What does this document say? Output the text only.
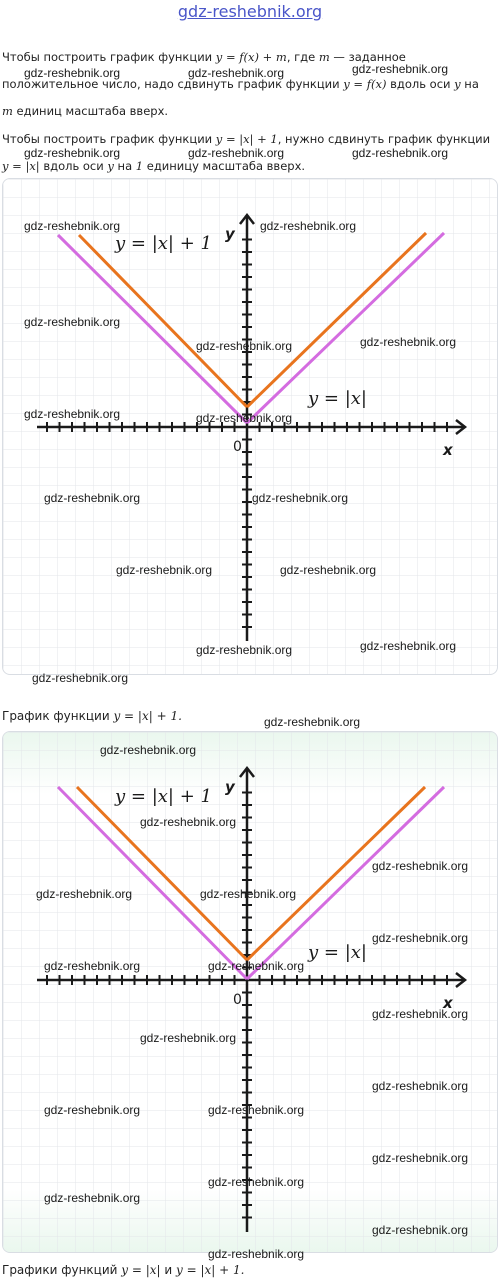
gdz-reshebnik.org
Чтобы построить график функции y = f(x) + m, где m — заданное положительное число, надо сдвинуть график функции y = f(x) вдоль оси y на m единиц масштаба вверх.
Чтобы построить график функции y = |x| + 1, нужно сдвинуть график функции y = |x| вдоль оси y на 1 единицу масштаба вверх.
y = |x| + 1
y = |x|
y
x
0
График функции y = |x| + 1.
y = |x| + 1
y = |x|
y
x
0
Графики функций y = |x| и y = |x| + 1.
gdz-reshebnik.org	gdz-reshebnik.org	gdz-reshebnik.org
gdz-reshebnik.org	gdz-reshebnik.org	gdz-reshebnik.org
gdz-reshebnik.org	gdz-reshebnik.org
gdz-reshebnik.org
gdz-reshebnik.org	gdz-reshebnik.org
gdz-reshebnik.org	gdz-reshebnik.org
gdz-reshebnik.org	gdz-reshebnik.org
gdz-reshebnik.org	gdz-reshebnik.org
gdz-reshebnik.org	gdz-reshebnik.org
gdz-reshebnik.org
gdz-reshebnik.org
gdz-reshebnik.org
gdz-reshebnik.org
gdz-reshebnik.org
gdz-reshebnik.org	gdz-reshebnik.org
gdz-reshebnik.org
gdz-reshebnik.org	gdz-reshebnik.org
gdz-reshebnik.org
gdz-reshebnik.org
gdz-reshebnik.org
gdz-reshebnik.org	gdz-reshebnik.org
gdz-reshebnik.org
gdz-reshebnik.org
gdz-reshebnik.org
gdz-reshebnik.org
gdz-reshebnik.org
